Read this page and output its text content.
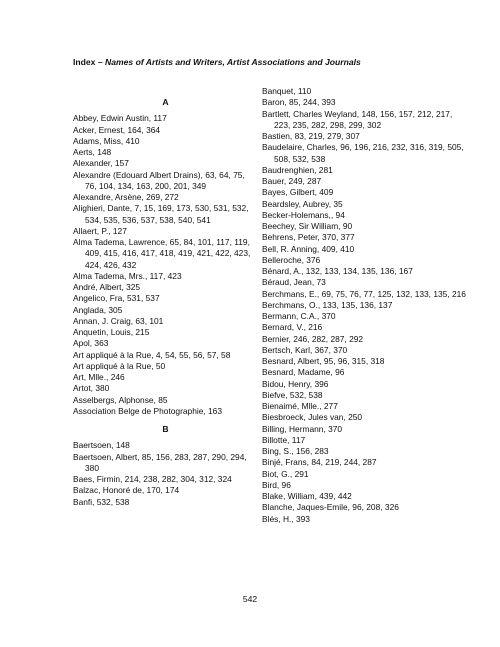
Index – Names of Artists and Writers, Artist Associations and Journals
A
Abbey, Edwin Austin, 117
Acker, Ernest, 164, 364
Adams, Miss, 410
Aerts, 148
Alexander, 157
Alexandre (Edouard Albert Drains), 63, 64, 75, 76, 104, 134, 163, 200, 201, 349
Alexandre, Arsène, 269, 272
Alighieri, Dante, 7, 15, 169, 173, 530, 531, 532, 534, 535, 536, 537, 538, 540, 541
Allaert, P., 127
Alma Tadema, Lawrence, 65, 84, 101, 117, 119, 409, 415, 416, 417, 418, 419, 421, 422, 423, 424, 426, 432
Alma Tadema, Mrs., 117, 423
André, Albert, 325
Angelico, Fra, 531, 537
Anglada, 305
Annan, J. Craig, 63, 101
Anquetin, Louis, 215
Apol, 363
Art appliqué à la Rue, 4, 54, 55, 56, 57, 58
Art appliqué à la Rue, 50
Art, Mlle., 246
Artot, 380
Asselbergs, Alphonse, 85
Association Belge de Photographie, 163
B
Baertsoen, 148
Baertsoen, Albert, 85, 156, 283, 287, 290, 294, 380
Baes, Firmin, 214, 238, 282, 304, 312, 324
Balzac, Honoré de, 170, 174
Banfi, 532, 538
Banquet, 110
Baron, 85, 244, 393
Bartlett, Charles Weyland, 148, 156, 157, 212, 217, 223, 235, 282, 298, 299, 302
Bastien, 83, 219, 279, 307
Baudelaire, Charles, 96, 196, 216, 232, 316, 319, 505, 508, 532, 538
Baudrenghien, 281
Bauer, 249, 287
Bayes, Gilbert, 409
Beardsley, Aubrey, 35
Becker-Holemans,, 94
Beechey, Sir William, 90
Behrens, Peter, 370, 377
Bell, R. Anning, 409, 410
Belleroche, 376
Bénard, A., 132, 133, 134, 135, 136, 167
Béraud, Jean, 73
Berchmans, E., 69, 75, 76, 77, 125, 132, 133, 135, 216
Berchmans, O., 133, 135, 136, 137
Bermann, C.A., 370
Bernard, V., 216
Bernier, 246, 282, 287, 292
Bertsch, Karl, 367, 370
Besnard, Albert, 95, 96, 315, 318
Besnard, Madame, 96
Bidou, Henry, 396
Biefve, 532, 538
Bienaimé, Mlle., 277
Biesbroeck, Jules van, 250
Billing, Hermann, 370
Billotte, 117
Bing, S., 156, 283
Binjé, Frans, 84, 219, 244, 287
Biot, G., 291
Bird, 96
Blake, William, 439, 442
Blanche, Jaques-Emile, 96, 208, 326
Blés, H., 393
542
